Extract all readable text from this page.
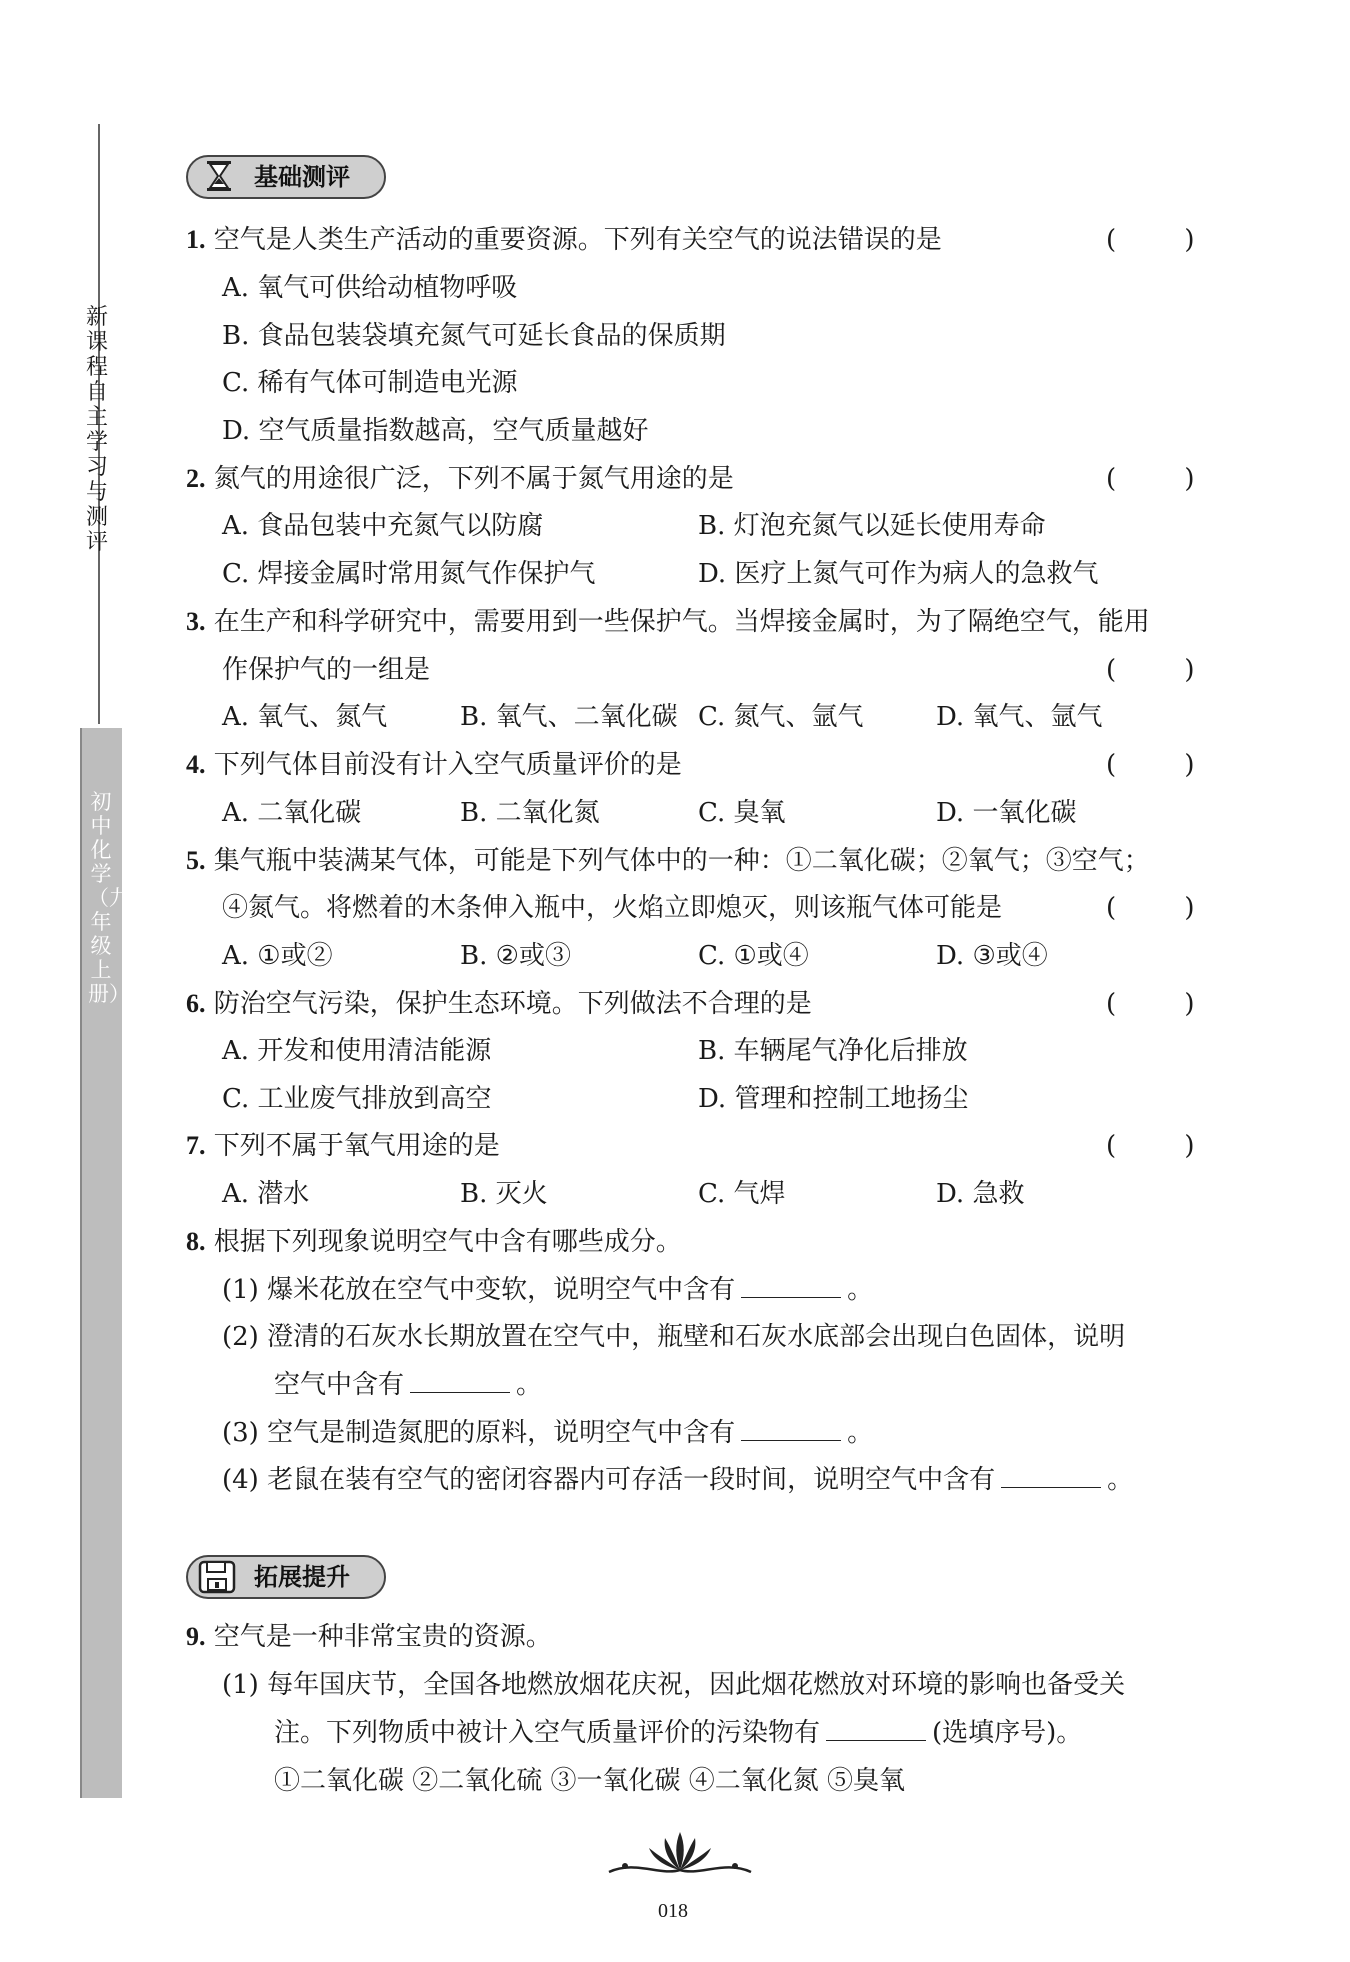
新课程自主学习与测评
初中化学（九年级上册）
基础测评
1. 空气是人类生产活动的重要资源。下列有关空气的说法错误的是	( )
A. 氧气可供给动植物呼吸
B. 食品包装袋填充氮气可延长食品的保质期
C. 稀有气体可制造电光源
D. 空气质量指数越高，空气质量越好
2. 氮气的用途很广泛，下列不属于氮气用途的是	( )
A. 食品包装中充氮气以防腐	B. 灯泡充氮气以延长使用寿命
C. 焊接金属时常用氮气作保护气	D. 医疗上氮气可作为病人的急救气
3. 在生产和科学研究中，需要用到一些保护气。当焊接金属时，为了隔绝空气，能用
作保护气的一组是	( )
A. 氧气、氮气	B. 氧气、二氧化碳 C. 氮气、氩气	D. 氧气、氩气
4. 下列气体目前没有计入空气质量评价的是	( )
A. 二氧化碳	B. 二氧化氮	C. 臭氧	D. 一氧化碳
5. 集气瓶中装满某气体，可能是下列气体中的一种：①二氧化碳；②氧气；③空气；
④氮气。将燃着的木条伸入瓶中，火焰立即熄灭，则该瓶气体可能是	( )
A. ①或②	B. ②或③	C. ①或④	D. ③或④
6. 防治空气污染，保护生态环境。下列做法不合理的是	( )
A. 开发和使用清洁能源	B. 车辆尾气净化后排放
C. 工业废气排放到高空	D. 管理和控制工地扬尘
7. 下列不属于氧气用途的是	( )
A. 潜水	B. 灭火	C. 气焊	D. 急救
8. 根据下列现象说明空气中含有哪些成分。
(1) 爆米花放在空气中变软，说明空气中含有	。
(2) 澄清的石灰水长期放置在空气中，瓶壁和石灰水底部会出现白色固体，说明
空气中含有	。
(3) 空气是制造氮肥的原料，说明空气中含有	。
(4) 老鼠在装有空气的密闭容器内可存活一段时间，说明空气中含有	。
拓展提升
9. 空气是一种非常宝贵的资源。
(1) 每年国庆节，全国各地燃放烟花庆祝，因此烟花燃放对环境的影响也备受关
注。下列物质中被计入空气质量评价的污染物有	(选填序号)。
①二氧化碳 ②二氧化硫 ③一氧化碳 ④二氧化氮 ⑤臭氧
018
